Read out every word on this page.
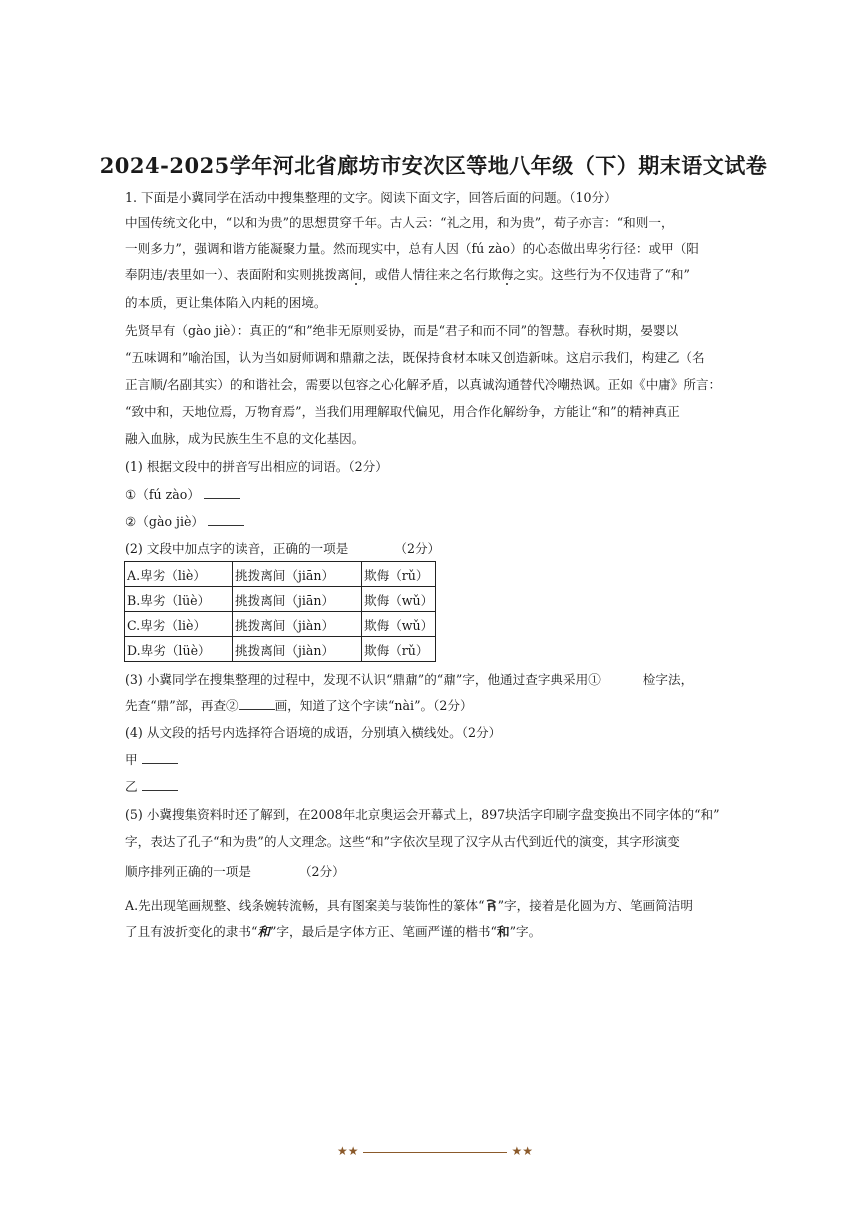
2024-2025学年河北省廊坊市安次区等地八年级（下）期末语文试卷
1. 下面是小冀同学在活动中搜集整理的文字。阅读下面文字，回答后面的问题。（10分）
中国传统文化中，“以和为贵”的思想贯穿千年。古人云：“礼之用，和为贵”，荀子亦言：“和则一，
一则多力”，强调和谐方能凝聚力量。然而现实中，总有人因（fú zào）的心态做出卑劣行径：或甲（阳
奉阴违/表里如一）、表面附和实则挑拨离间，或借人情往来之名行欺侮之实。这些行为不仅违背了“和”
的本质，更让集体陷入内耗的困境。
先贤早有（gào jiè）：真正的“和”绝非无原则妥协，而是“君子和而不同”的智慧。春秋时期，晏婴以
“五味调和”喻治国，认为当如厨师调和鼎鼐之法，既保持食材本味又创造新味。这启示我们，构建乙（名
正言顺/名副其实）的和谐社会，需要以包容之心化解矛盾，以真诚沟通替代冷嘲热讽。正如《中庸》所言：
“致中和，天地位焉，万物育焉”，当我们用理解取代偏见，用合作化解纷争，方能让“和”的精神真正
融入血脉，成为民族生生不息的文化基因。
(1) 根据文段中的拼音写出相应的词语。（2分）
①（fú zào）
②（gào jiè）
(2) 文段中加点字的读音，正确的一项是	（2分）
A.卑劣（liè）	挑拨离间（jiān）	欺侮（rǔ）
B.卑劣（lüè）	挑拨离间（jiān）	欺侮（wǔ）
C.卑劣（liè）	挑拨离间（jiàn）	欺侮（wǔ）
D.卑劣（lüè）	挑拨离间（jiàn）	欺侮（rǔ）
(3) 小冀同学在搜集整理的过程中，发现不认识“鼎鼐”的“鼐”字，他通过查字典采用①	检字法，
先查“鼎”部，再查②	画，知道了这个字读“nài”。（2分）
(4) 从文段的括号内选择符合语境的成语，分别填入横线处。（2分）
甲
乙
(5) 小冀搜集资料时还了解到，在2008年北京奥运会开幕式上，897块活字印刷字盘变换出不同字体的“和”
字，表达了孔子“和为贵”的人文理念。这些“和”字依次呈现了汉字从古代到近代的演变，其字形演变
顺序排列正确的一项是	（2分）
A.先出现笔画规整、线条婉转流畅，具有图案美与装饰性的篆体“ ”字，接着是化圆为方、笔画简洁明
了且有波折变化的隶书“和”字，最后是字体方正、笔画严谨的楷书“和”字。
★★	★★
